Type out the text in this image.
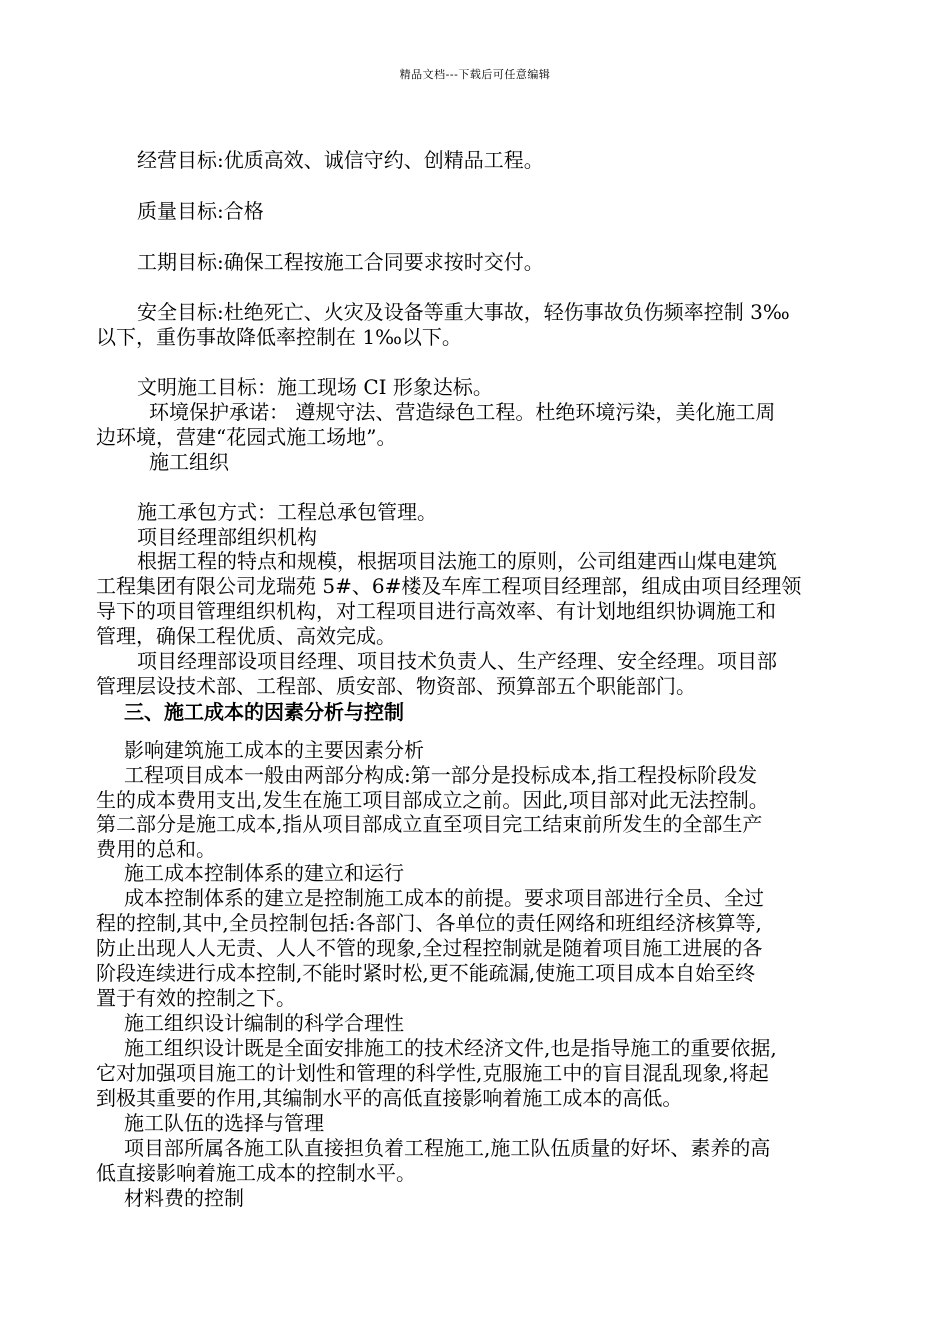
精品文档---下载后可任意编辑
经营目标:优质高效、诚信守约、创精品工程。
质量目标:合格
工期目标:确保工程按施工合同要求按时交付。
安全目标:杜绝死亡、火灾及设备等重大事故，轻伤事故负伤频率控制 3‰
以下，重伤事故降低率控制在 1‰以下。
文明施工目标：施工现场 CI 形象达标。
环境保护承诺： 遵规守法、营造绿色工程。杜绝环境污染，美化施工周
边环境，营建“花园式施工场地”。
施工组织
施工承包方式：工程总承包管理。
项目经理部组织机构
根据工程的特点和规模，根据项目法施工的原则，公司组建西山煤电建筑
工程集团有限公司龙瑞苑 5#、6#楼及车库工程项目经理部，组成由项目经理领
导下的项目管理组织机构，对工程项目进行高效率、有计划地组织协调施工和
管理，确保工程优质、高效完成。
项目经理部设项目经理、项目技术负责人、生产经理、安全经理。项目部
管理层设技术部、工程部、质安部、物资部、预算部五个职能部门。
三、施工成本的因素分析与控制
影响建筑施工成本的主要因素分析
工程项目成本一般由两部分构成:第一部分是投标成本,指工程投标阶段发
生的成本费用支出,发生在施工项目部成立之前。因此,项目部对此无法控制。
第二部分是施工成本,指从项目部成立直至项目完工结束前所发生的全部生产
费用的总和。
施工成本控制体系的建立和运行
成本控制体系的建立是控制施工成本的前提。要求项目部进行全员、全过
程的控制,其中,全员控制包括:各部门、各单位的责任网络和班组经济核算等,
防止出现人人无责、人人不管的现象,全过程控制就是随着项目施工进展的各
阶段连续进行成本控制,不能时紧时松,更不能疏漏,使施工项目成本自始至终
置于有效的控制之下。
施工组织设计编制的科学合理性
施工组织设计既是全面安排施工的技术经济文件,也是指导施工的重要依据,
它对加强项目施工的计划性和管理的科学性,克服施工中的盲目混乱现象,将起
到极其重要的作用,其编制水平的高低直接影响着施工成本的高低。
施工队伍的选择与管理
项目部所属各施工队直接担负着工程施工,施工队伍质量的好坏、素养的高
低直接影响着施工成本的控制水平。
材料费的控制
